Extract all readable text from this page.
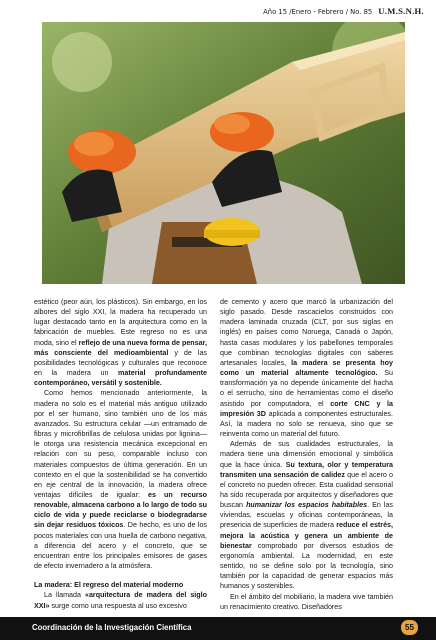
Año 15 /Enero - Febrero / No. 85 U.M.S.N.H.

estético (peor aún, los plásticos). Sin embargo, en los albores del siglo XXI, la madera ha recuperado un lugar destacado tanto en la arquitectura como en la fabricación de muebles. Este regreso no es una moda, sino el reflejo de una nueva forma de pensar, más consciente del medioambiental y de las posibilidades tecnológicas y culturales que reconoce en la madera un material profundamente contemporáneo, versátil y sostenible.

Como hemos mencionado anteriormente, la madera no solo es el material más antiguo utilizado por el ser humano, sino también uno de los más avanzados. Su estructura celular —un entramado de fibras y microfibrillas de celulosa unidas por lignina— le otorga una resistencia mecánica excepcional en relación con su peso, comparable incluso con materiales compuestos de última generación. En un contexto en el que la sostenibilidad se ha convertido en eje central de la innovación, la madera ofrece ventajas difíciles de igualar: es un recurso renovable, almacena carbono a lo largo de todo su ciclo de vida y puede reciclarse o biodegradarse sin dejar residuos tóxicos. De hecho, es uno de los pocos materiales con una huella de carbono negativa, a diferencia del acero y el concreto, que se encuentran entre los principales emisores de gases de efecto invernadero a la atmósfera.

La madera: El regreso del material moderno

La llamada «arquitectura de madera del siglo XXI» surge como una respuesta al uso excesivo

de cemento y acero que marcó la urbanización del siglo pasado. Desde rascacielos construidos con madera laminada cruzada (CLT, por sus siglas en inglés) en países como Noruega, Canadá o Japón, hasta casas modulares y los pabellones temporales que combinan tecnologías digitales con saberes artesanales locales, la madera se presenta hoy como un material altamente tecnológico. Su transformación ya no depende únicamente del hacha o el serrucho, sino de herramientas como el diseño asistido por computadora, el corte CNC y la impresión 3D aplicada a componentes estructurales. Así, la madera no solo se renueva, sino que se reinventa como un material del futuro.

Además de sus cualidades estructurales, la madera tiene una dimensión emocional y simbólica que la hace única. Su textura, olor y temperatura transmiten una sensación de calidez que el acero o el concreto no pueden ofrecer. Esta cualidad sensorial ha sido recuperada por arquitectos y diseñadores que buscan humanizar los espacios habitables. En las viviendas, escuelas y oficinas contemporáneas, la presencia de superficies de madera reduce el estrés, mejora la acústica y genera un ambiente de bienestar comprobado por diversos estudios de ergonomía ambiental. La modernidad, en este sentido, no se define solo por la tecnología, sino también por la capacidad de generar espacios más humanos y sostenibles.

En el ámbito del mobiliario, la madera vive también un renacimiento creativo. Diseñadores

Coordinación de la Investigación Científica	55
